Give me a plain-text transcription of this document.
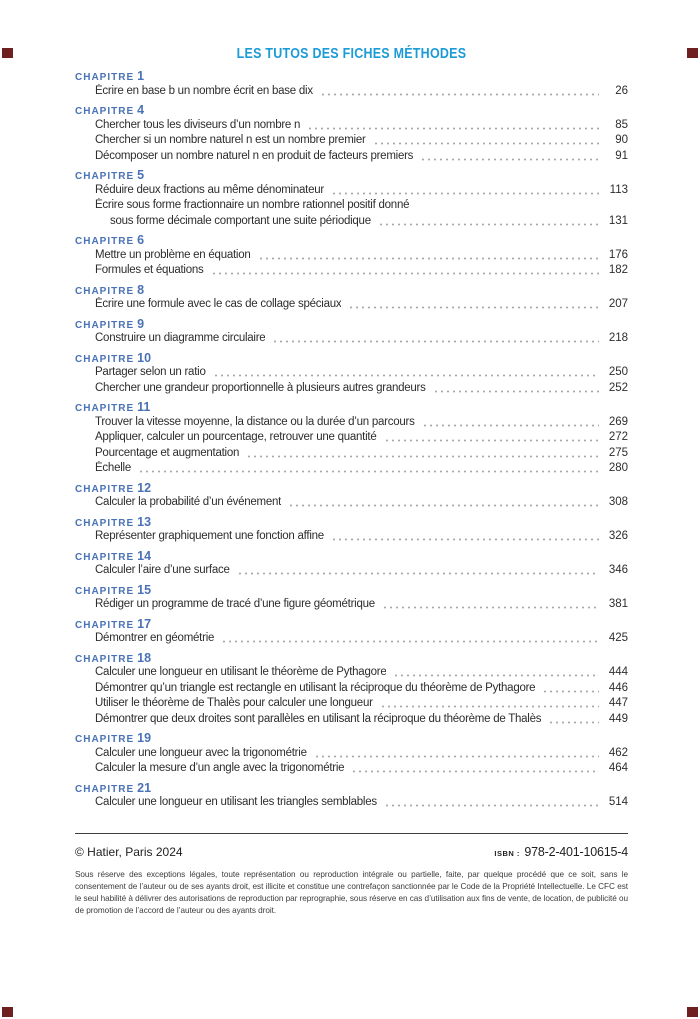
LES TUTOS DES FICHES MÉTHODES
CHAPITRE 1
Écrire en base b un nombre écrit en base dix	26
CHAPITRE 4
Chercher tous les diviseurs d’un nombre n	85
Chercher si un nombre naturel n est un nombre premier	90
Décomposer un nombre naturel n en produit de facteurs premiers	91
CHAPITRE 5
Réduire deux fractions au même dénominateur	113
Écrire sous forme fractionnaire un nombre rationnel positif donné
sous forme décimale comportant une suite périodique	131
CHAPITRE 6
Mettre un problème en équation	176
Formules et équations	182
CHAPITRE 8
Écrire une formule avec le cas de collage spéciaux	207
CHAPITRE 9
Construire un diagramme circulaire	218
CHAPITRE 10
Partager selon un ratio	250
Chercher une grandeur proportionnelle à plusieurs autres grandeurs	252
CHAPITRE 11
Trouver la vitesse moyenne, la distance ou la durée d’un parcours	269
Appliquer, calculer un pourcentage, retrouver une quantité	272
Pourcentage et augmentation	275
Échelle	280
CHAPITRE 12
Calculer la probabilité d’un événement	308
CHAPITRE 13
Représenter graphiquement une fonction affine	326
CHAPITRE 14
Calculer l’aire d’une surface	346
CHAPITRE 15
Rédiger un programme de tracé d’une figure géométrique	381
CHAPITRE 17
Démontrer en géométrie	425
CHAPITRE 18
Calculer une longueur en utilisant le théorème de Pythagore	444
Démontrer qu’un triangle est rectangle en utilisant la réciproque du théorème de Pythagore	446
Utiliser le théorème de Thalès pour calculer une longueur	447
Démontrer que deux droites sont parallèles en utilisant la réciproque du théorème de Thalès	449
CHAPITRE 19
Calculer une longueur avec la trigonométrie	462
Calculer la mesure d’un angle avec la trigonométrie	464
CHAPITRE 21
Calculer une longueur en utilisant les triangles semblables	514
© Hatier, Paris 2024	ISBN : 978-2-401-10615-4

Sous réserve des exceptions légales, toute représentation ou reproduction intégrale ou partielle, faite, par quelque procédé que ce soit, sans le consentement de l’auteur ou de ses ayants droit, est illicite et constitue une contrefaçon sanctionnée par le Code de la Propriété Intellectuelle. Le CFC est le seul habilité à délivrer des autorisations de reproduction par reprographie, sous réserve en cas d’utilisation aux fins de vente, de location, de publicité ou de promotion de l’accord de l’auteur ou des ayants droit.
